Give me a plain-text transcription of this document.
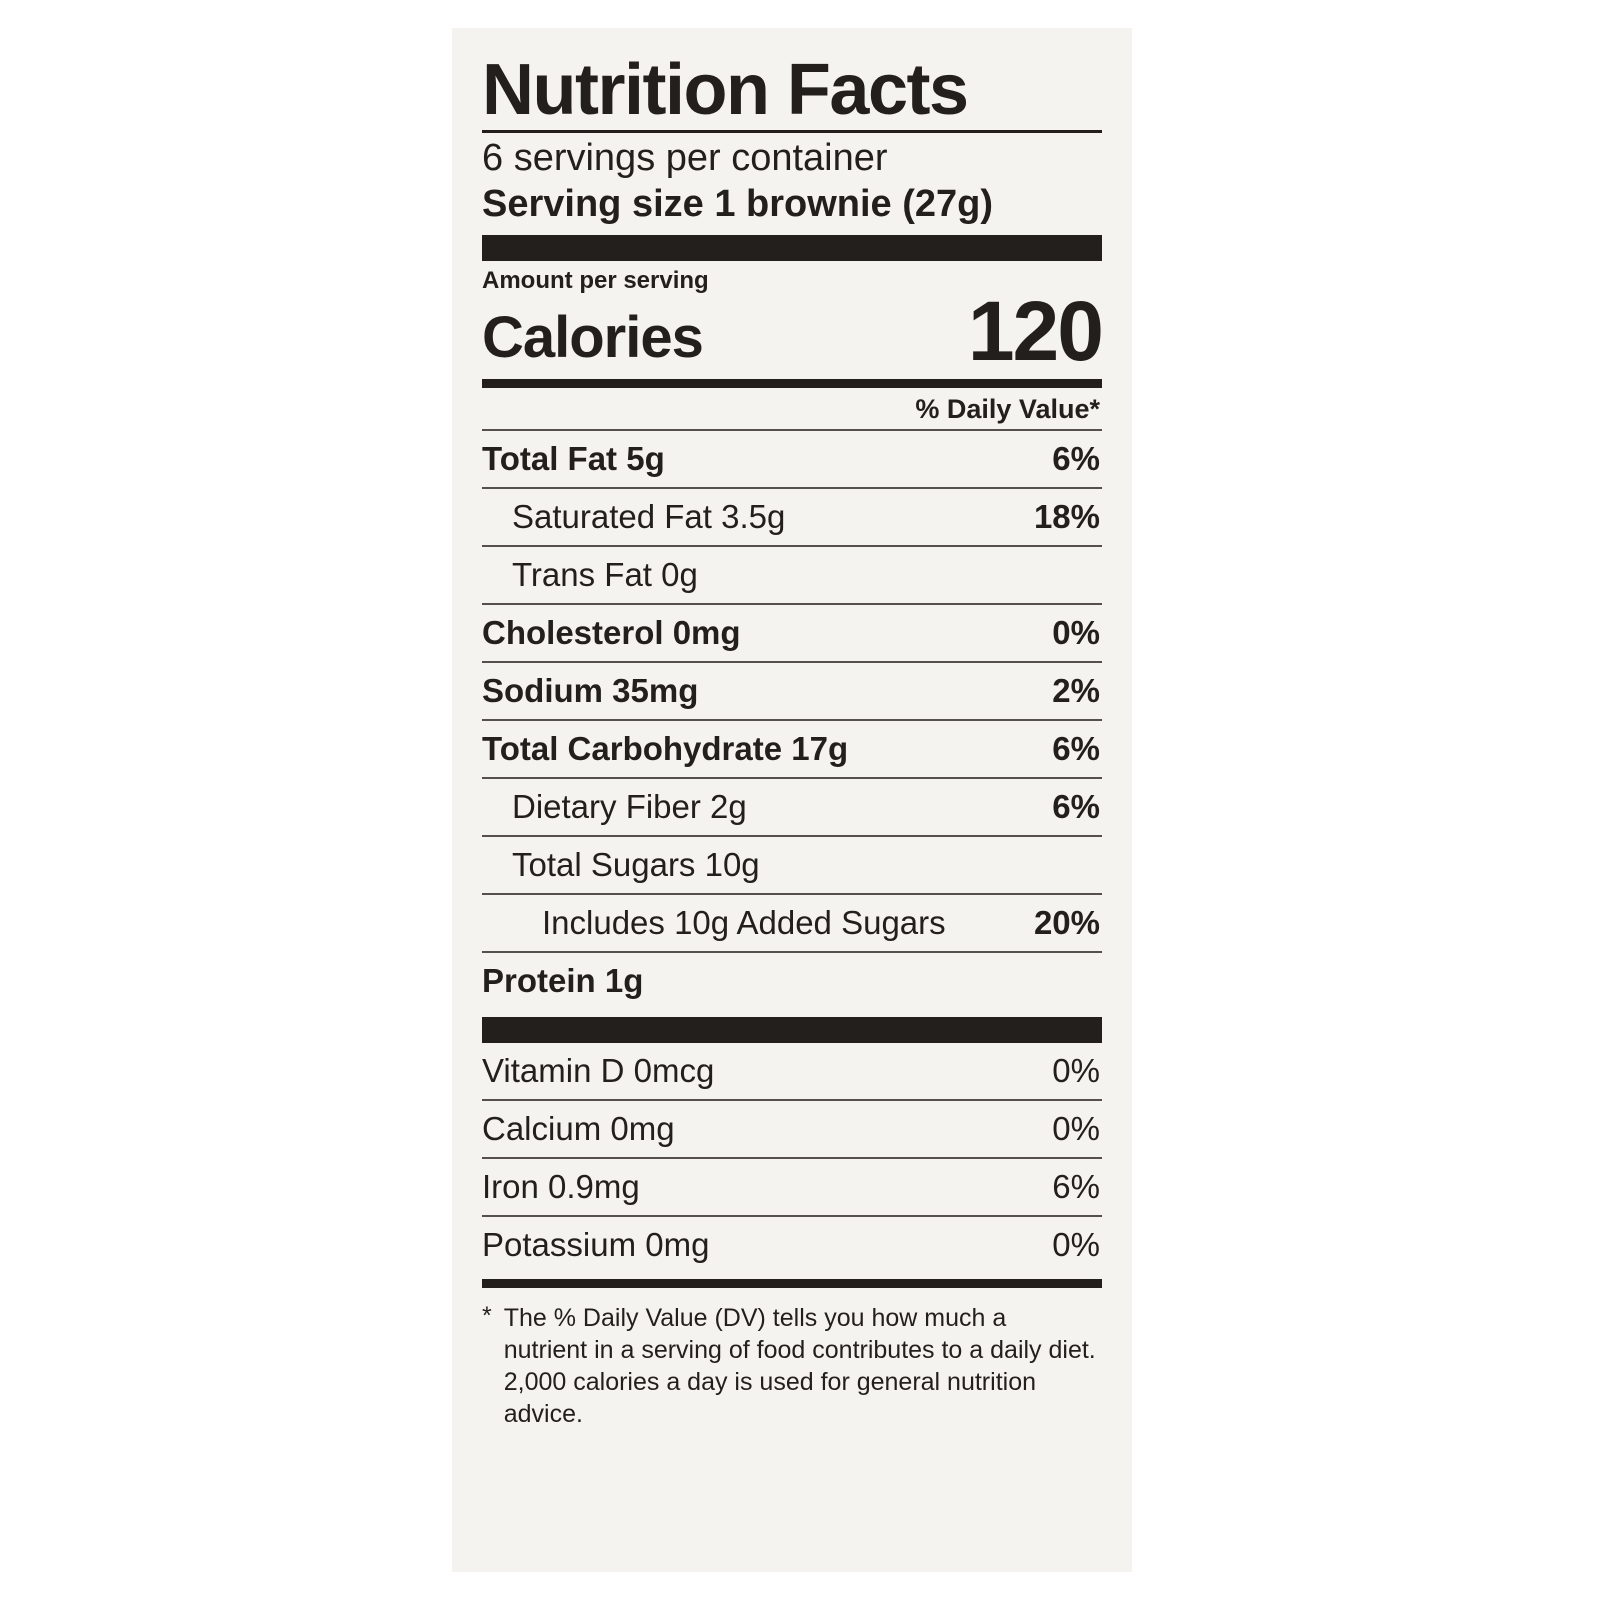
Nutrition Facts
6 servings per container
Serving size 1 brownie (27g)
Amount per serving
Calories	120
% Daily Value*
Total Fat 5g	6%
Saturated Fat 3.5g	18%
Trans Fat 0g
Cholesterol 0mg	0%
Sodium 35mg	2%
Total Carbohydrate 17g	6%
Dietary Fiber 2g	6%
Total Sugars 10g
Includes 10g Added Sugars	20%
Protein 1g
Vitamin D 0mcg	0%
Calcium 0mg	0%
Iron 0.9mg	6%
Potassium 0mg	0%
* The % Daily Value (DV) tells you how much a nutrient in a serving of food contributes to a daily diet. 2,000 calories a day is used for general nutrition advice.
